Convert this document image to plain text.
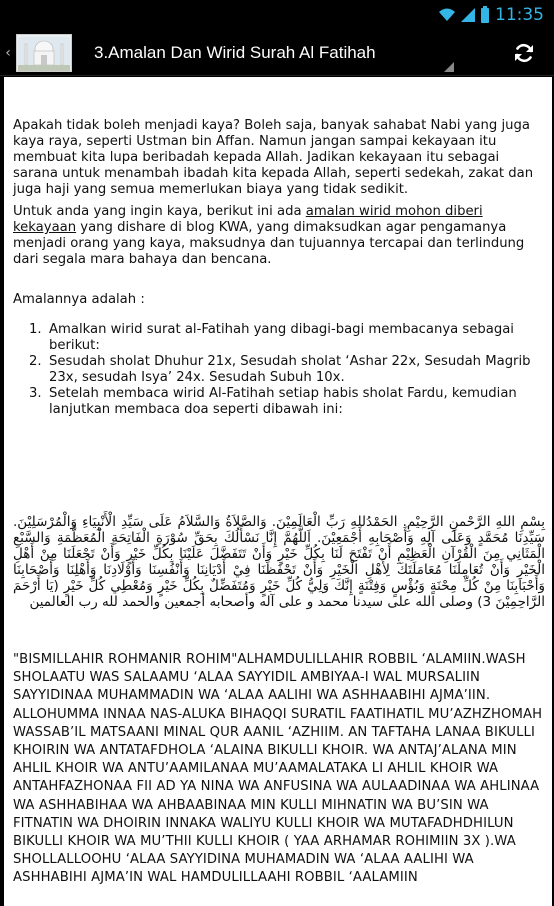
11:35
‹	3.Amalan Dan Wirid Surah Al Fatihah

Apakah tidak boleh menjadi kaya? Boleh saja, banyak sahabat Nabi yang juga kaya raya, seperti Ustman bin Affan. Namun jangan sampai kekayaan itu membuat kita lupa beribadah kepada Allah. Jadikan kekayaan itu sebagai sarana untuk menambah ibadah kita kepada Allah, seperti sedekah, zakat dan juga haji yang semua memerlukan biaya yang tidak sedikit.

Untuk anda yang ingin kaya, berikut ini ada amalan wirid mohon diberi kekayaan yang dishare di blog KWA, yang dimaksudkan agar pengamanya menjadi orang yang kaya, maksudnya dan tujuannya tercapai dan terlindung dari segala mara bahaya dan bencana.

Amalannya adalah :

1. Amalkan wirid surat al-Fatihah yang dibagi-bagi membacanya sebagai berikut:
2. Sesudah sholat Dhuhur 21x, Sesudah sholat ‘Ashar 22x, Sesudah Magrib 23x, sesudah Isya’ 24x. Sesudah Subuh 10x.
3. Setelah membaca wirid Al-Fatihah setiap habis sholat Fardu, kemudian lanjutkan membaca doa seperti dibawah ini:

بِسْمِ اللهِ الرَّحْمنِ الرَّحِيْمِ. الحَمْدُللهِ رَبِّ الْعَالَمِيْنَ. وَالصَّلاَةُ وَالسَّلاَمُ عَلَى سَيِّدِ الْأَنْبِيَاءِ وَالْمُرْسَلِيْنَ. سَيِّدِنَا مُحَمَّدٍ وَعَلَى آلِهِ وَأَصْحَابِهِ أَجْمَعِيْنَ. اَللَّهُمَّ إِنَّا نَسْأَلُكَ بِحَقِّ سُوْرَةِ الْفَاتِحَةِ الْمُعَظَّمَةِ وَالسَّبْعِ الْمَثَانِي مِنَ الْقُرْآنِ الْعَظِيْمِ أَنْ تَفْتَحَ لَنَا بِكُلِّ خَيْرٍ وَأَنْ تَتَفَضَّلَ عَلَيْنَا بِكُلِّ خَيْرٍ وَأَنْ تَجْعَلَنَا مِنْ أَهْلِ الْخَيْرِ وَأَنْ تُعَامِلَنَا مُعَامَلَتَكَ لِأَهْلِ الْخَيْرِ وَأَنْ تَحْفَظَنَا فِيْ أَدْيَانِنَا وَأَنْفُسِنَا وَأَوْلَادِنَا وَأَهْلِنَا وَأَصْحَابِنَا وَأَحْبَابِنَا مِنْ كُلِّ مِحْنَةٍ وَبُؤْسٍ وَفِتْنَةٍ إِنَّكَ وَلِيُّ كُلِّ خَيْرٍ وَمُتَفَضِّلٌ بِكُلِّ خَيْرٍ وَمُعْطِي كُلِّ خَيْرٍ (يَا أَرْحَمَ الرَّاحِمِيْنَ 3) وصلى الله على سيدنا محمد و على آله وأصحابه أجمعين والحمد لله رب العالمين

"BISMILLAHIR ROHMANIR ROHIM"ALHAMDULILLAHIR ROBBIL ‘ALAMIIN.WASH SHOLAATU WAS SALAAMU ‘ALAA SAYYIDIL AMBIYAA-I WAL MURSALIIN SAYYIDINAA MUHAMMADIN WA ‘ALAA AALIHI WA ASHHAABIHI AJMA’IIN. ALLOHUMMA INNAA NAS-ALUKA BIHAQQI SURATIL FAATIHATIL MU’AZHZHOMAH WASSAB’IL MATSAANI MINAL QUR AANIL ‘AZHIIM. AN TAFTAHA LANAA BIKULLI KHOIRIN WA ANTATAFDHOLA ‘ALAINA BIKULLI KHOIR. WA ANTAJ’ALANA MIN AHLIL KHOIR WA ANTU’AAMILANAA MU’AAMALATAKA LI AHLIL KHOIR WA ANTAHFAZHONAA FII AD YA NINA WA ANFUSINA WA AULAADINAA WA AHLINAA WA ASHHABIHAA WA AHBAABINAA MIN KULLI MIHNATIN WA BU’SIN WA FITNATIN WA DHOIRIN INNAKA WALIYU KULLI KHOIR WA MUTAFADHDHILUN BIKULLI KHOIR WA MU’THII KULLI KHOIR ( YAA ARHAMAR ROHIMIIN 3X ).WA SHOLLALLOOHU ‘ALAA SAYYIDINA MUHAMADIN WA ‘ALAA AALIHI WA ASHHABIHI AJMA’IN WAL HAMDULILLAAHI ROBBIL ‘AALAMIIN
